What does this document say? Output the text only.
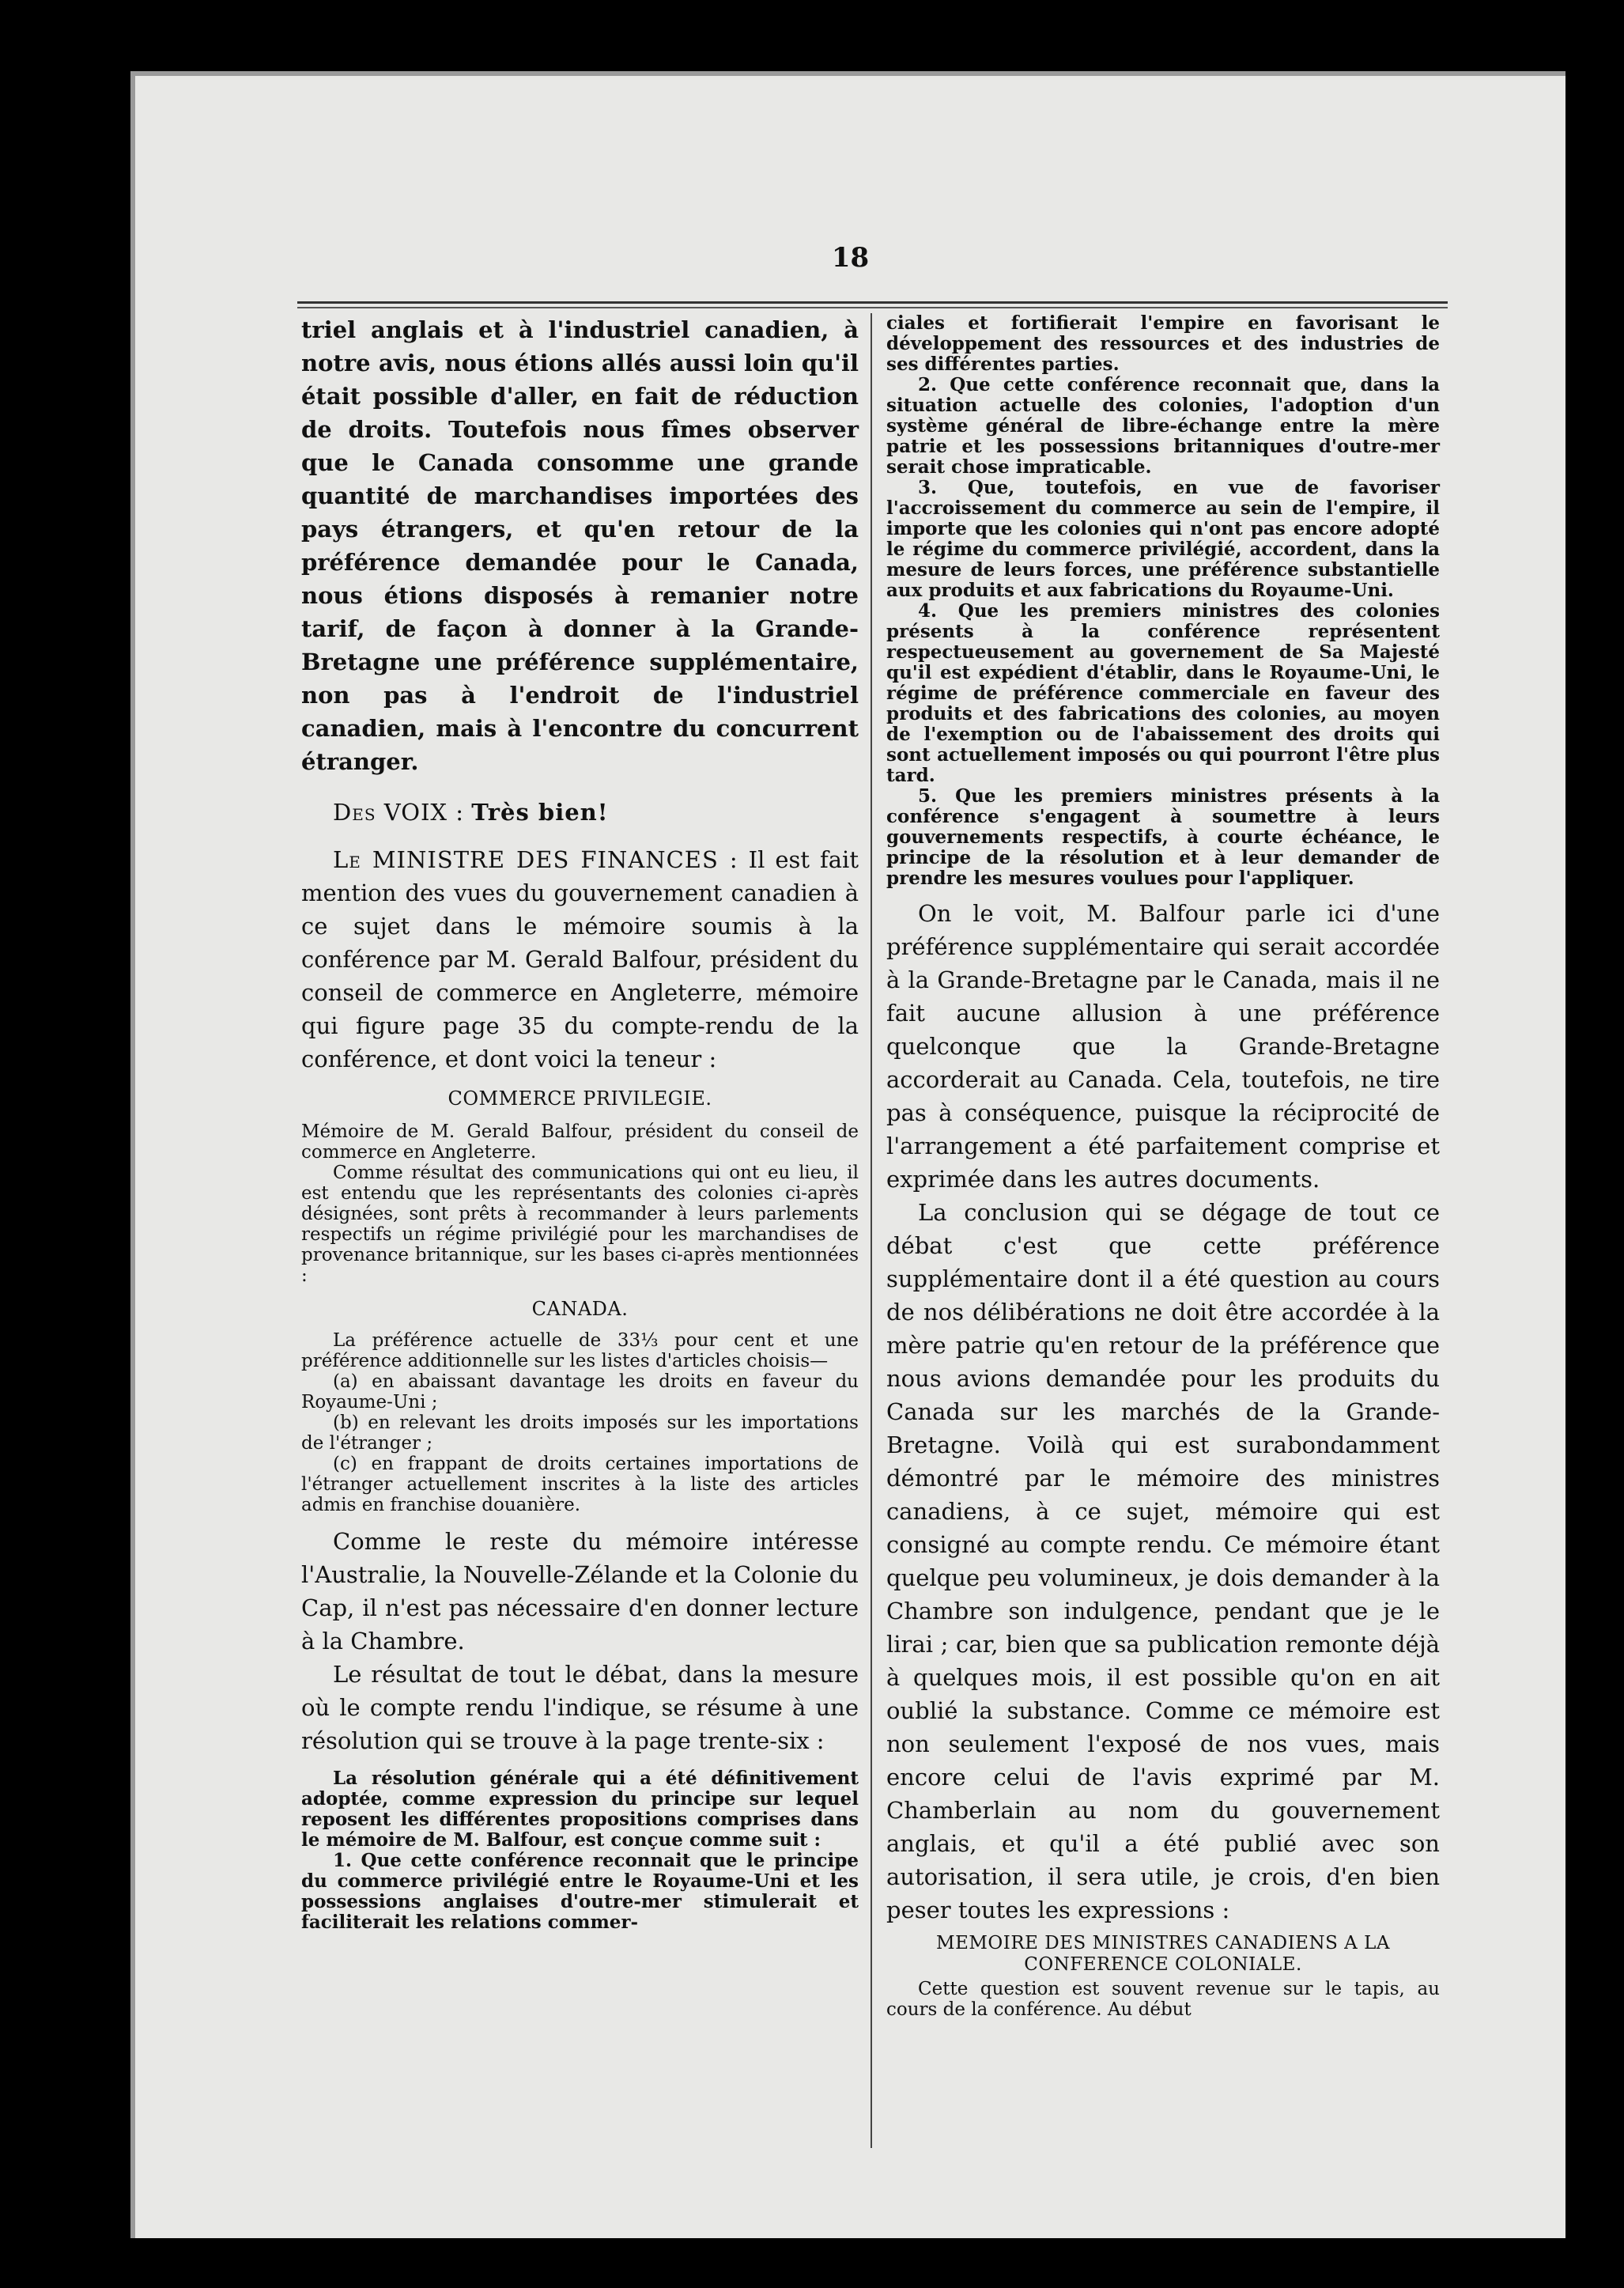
18

triel anglais et à l'industriel canadien, à notre avis, nous étions allés aussi loin qu'il était possible d'aller, en fait de réduction de droits. Toutefois nous fîmes observer que le Canada consomme une grande quantité de marchandises importées des pays étrangers, et qu'en retour de la préférence demandée pour le Canada, nous étions disposés à remanier notre tarif, de façon à donner à la Grande-Bretagne une préférence supplémentaire, non pas à l'endroit de l'industriel canadien, mais à l'encontre du concurrent étranger.

Des VOIX : Très bien!

Le MINISTRE DES FINANCES : Il est fait mention des vues du gouvernement canadien à ce sujet dans le mémoire soumis à la conférence par M. Gerald Balfour, président du conseil de commerce en Angleterre, mémoire qui figure page 35 du compte-rendu de la conférence, et dont voici la teneur :

COMMERCE PRIVILEGIE.

Mémoire de M. Gerald Balfour, président du conseil de commerce en Angleterre.

Comme résultat des communications qui ont eu lieu, il est entendu que les représentants des colonies ci-après désignées, sont prêts à recommander à leurs parlements respectifs un régime privilégié pour les marchandises de provenance britannique, sur les bases ci-après mentionnées :

CANADA.

La préférence actuelle de 33⅓ pour cent et une préférence additionnelle sur les listes d'articles choisis—

(a) en abaissant davantage les droits en faveur du Royaume-Uni ;

(b) en relevant les droits imposés sur les importations de l'étranger ;

(c) en frappant de droits certaines importations de l'étranger actuellement inscrites à la liste des articles admis en franchise douanière.

Comme le reste du mémoire intéresse l'Australie, la Nouvelle-Zélande et la Colonie du Cap, il n'est pas nécessaire d'en donner lecture à la Chambre.

Le résultat de tout le débat, dans la mesure où le compte rendu l'indique, se résume à une résolution qui se trouve à la page trente-six :

La résolution générale qui a été définitivement adoptée, comme expression du principe sur lequel reposent les différentes propositions comprises dans le mémoire de M. Balfour, est conçue comme suit :

1. Que cette conférence reconnait que le principe du commerce privilégié entre le Royaume-Uni et les possessions anglaises d'outre-mer stimulerait et faciliterait les relations commer-

ciales et fortifierait l'empire en favorisant le développement des ressources et des industries de ses différentes parties.

2. Que cette conférence reconnait que, dans la situation actuelle des colonies, l'adoption d'un système général de libre-échange entre la mère patrie et les possessions britanniques d'outre-mer serait chose impraticable.

3. Que, toutefois, en vue de favoriser l'accroissement du commerce au sein de l'empire, il importe que les colonies qui n'ont pas encore adopté le régime du commerce privilégié, accordent, dans la mesure de leurs forces, une préférence substantielle aux produits et aux fabrications du Royaume-Uni.

4. Que les premiers ministres des colonies présents à la conférence représentent respectueusement au governement de Sa Majesté qu'il est expédient d'établir, dans le Royaume-Uni, le régime de préférence commerciale en faveur des produits et des fabrications des colonies, au moyen de l'exemption ou de l'abaissement des droits qui sont actuellement imposés ou qui pourront l'être plus tard.

5. Que les premiers ministres présents à la conférence s'engagent à soumettre à leurs gouvernements respectifs, à courte échéance, le principe de la résolution et à leur demander de prendre les mesures voulues pour l'appliquer.

On le voit, M. Balfour parle ici d'une préférence supplémentaire qui serait accordée à la Grande-Bretagne par le Canada, mais il ne fait aucune allusion à une préférence quelconque que la Grande-Bretagne accorderait au Canada. Cela, toutefois, ne tire pas à conséquence, puisque la réciprocité de l'arrangement a été parfaitement comprise et exprimée dans les autres documents.

La conclusion qui se dégage de tout ce débat c'est que cette préférence supplémentaire dont il a été question au cours de nos délibérations ne doit être accordée à la mère patrie qu'en retour de la préférence que nous avions demandée pour les produits du Canada sur les marchés de la Grande-Bretagne. Voilà qui est surabondamment démontré par le mémoire des ministres canadiens, à ce sujet, mémoire qui est consigné au compte rendu. Ce mémoire étant quelque peu volumineux, je dois demander à la Chambre son indulgence, pendant que je le lirai ; car, bien que sa publication remonte déjà à quelques mois, il est possible qu'on en ait oublié la substance. Comme ce mémoire est non seulement l'exposé de nos vues, mais encore celui de l'avis exprimé par M. Chamberlain au nom du gouvernement anglais, et qu'il a été publié avec son autorisation, il sera utile, je crois, d'en bien peser toutes les expressions :

MEMOIRE DES MINISTRES CANADIENS A LA CONFERENCE COLONIALE.

Cette question est souvent revenue sur le tapis, au cours de la conférence. Au début
